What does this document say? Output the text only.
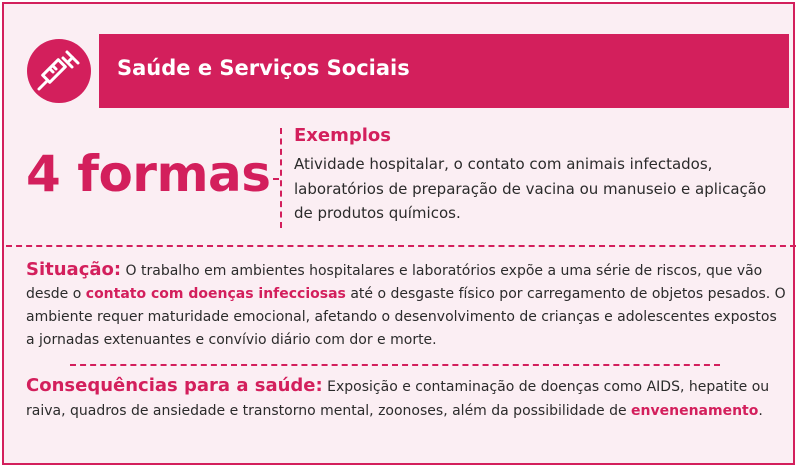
Saúde e Serviços Sociais
4 formas
Exemplos
Atividade hospitalar, o contato com animais infectados, laboratórios de preparação de vacina ou manuseio e aplicação de produtos químicos.
Situação: O trabalho em ambientes hospitalares e laboratórios expõe a uma série de riscos, que vão desde o contato com doenças infecciosas até o desgaste físico por carregamento de objetos pesados. O ambiente requer maturidade emocional, afetando o desenvolvimento de crianças e adolescentes expostos a jornadas extenuantes e convívio diário com dor e morte.
Consequências para a saúde: Exposição e contaminação de doenças como AIDS, hepatite ou raiva, quadros de ansiedade e transtorno mental, zoonoses, além da possibilidade de envenenamento.
